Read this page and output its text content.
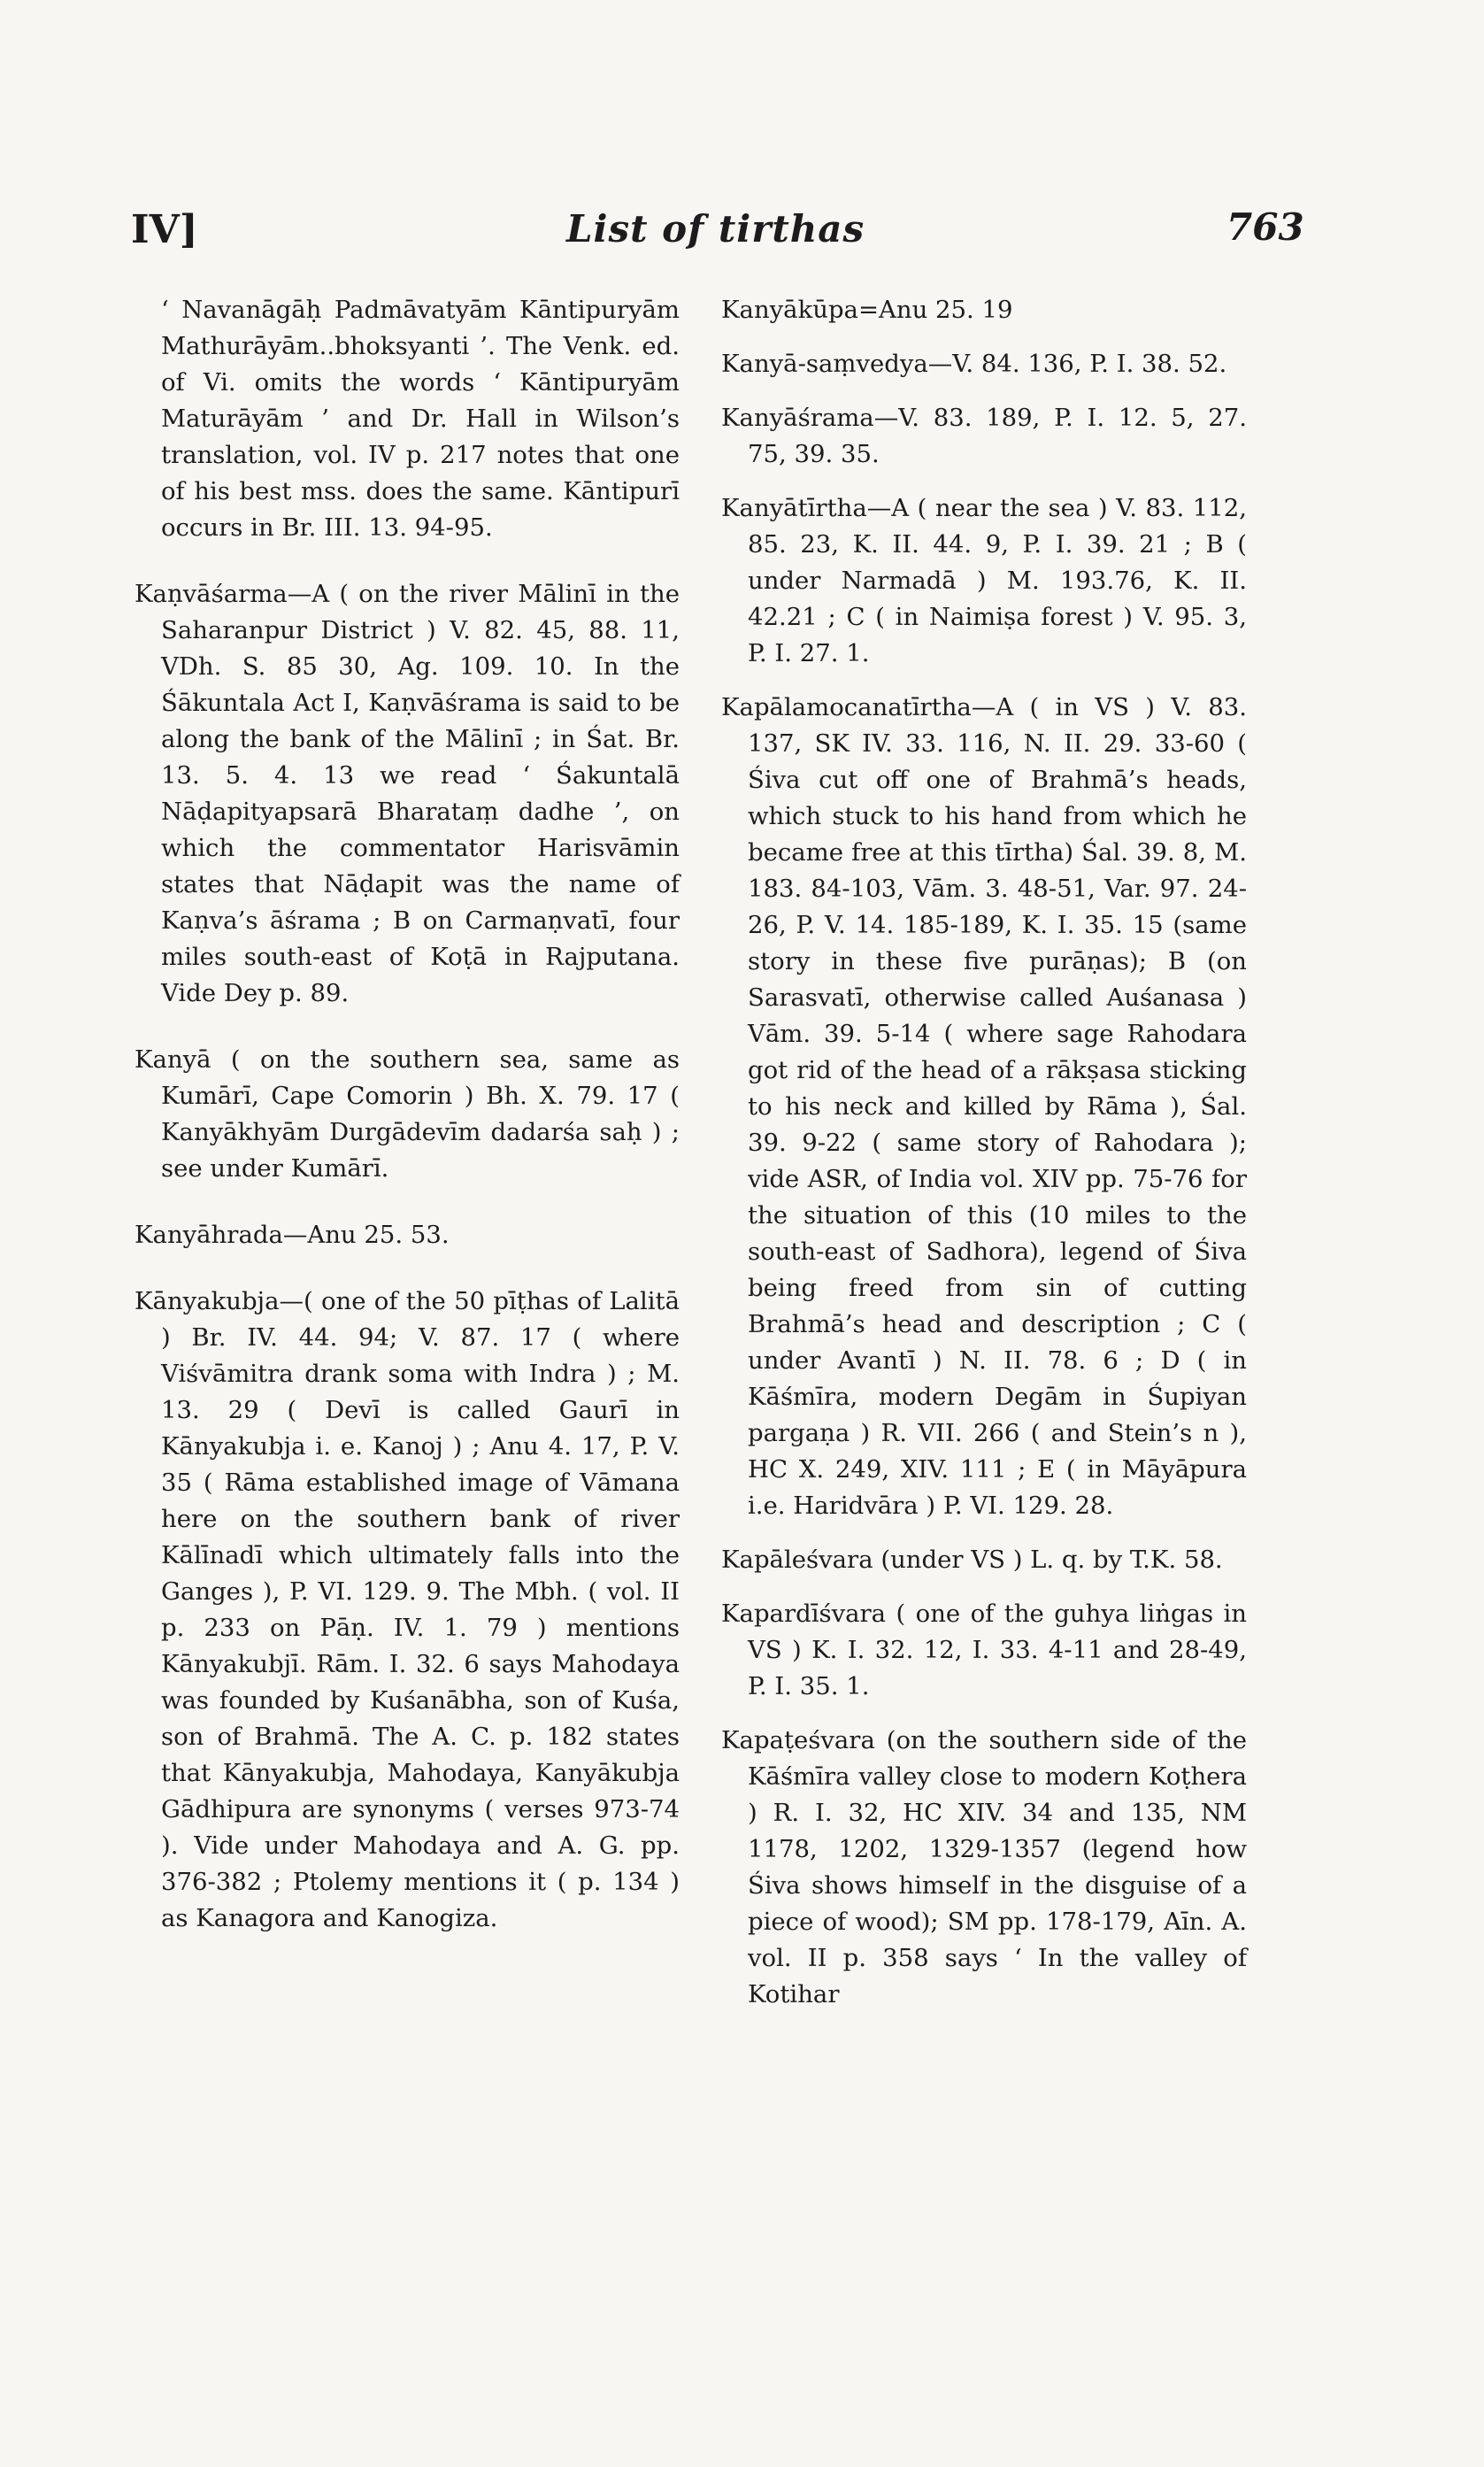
IV]	List of tirthas	763

‘ Navanāgāḥ Padmāvatyām Kāntipuryām Mathurāyām..bhoksyanti ’. The Venk. ed. of Vi. omits the words ‘ Kāntipuryām Maturāyām ’ and Dr. Hall in Wilson’s translation, vol. IV p. 217 notes that one of his best mss. does the same. Kāntipurī occurs in Br. III. 13. 94-95.

Kaṇvāśarma—A ( on the river Mālinī in the Saharanpur District ) V. 82. 45, 88. 11, VDh. S. 85 30, Ag. 109. 10. In the Śākuntala Act I, Kaṇvāśrama is said to be along the bank of the Mālinī ; in Śat. Br. 13. 5. 4. 13 we read ‘ Śakuntalā Nāḍapityapsarā Bharataṃ dadhe ’, on which the commentator Harisvāmin states that Nāḍapit was the name of Kaṇva’s āśrama ; B on Carmaṇvatī, four miles south-east of Koṭā in Rajputana. Vide Dey p. 89.

Kanyā ( on the southern sea, same as Kumārī, Cape Comorin ) Bh. X. 79. 17 ( Kanyākhyām Durgādevīm dadarśa saḥ ) ; see under Kumārī.

Kanyāhrada—Anu 25. 53.

Kānyakubja—( one of the 50 pīṭhas of Lalitā ) Br. IV. 44. 94; V. 87. 17 ( where Viśvāmitra drank soma with Indra ) ; M. 13. 29 ( Devī is called Gaurī in Kānyakubja i. e. Kanoj ) ; Anu 4. 17, P. V. 35 ( Rāma established image of Vāmana here on the southern bank of river Kālīnadī which ultimately falls into the Ganges ), P. VI. 129. 9. The Mbh. ( vol. II p. 233 on Pāṇ. IV. 1. 79 ) mentions Kānyakubjī. Rām. I. 32. 6 says Mahodaya was founded by Kuśanābha, son of Kuśa, son of Brahmā. The A. C. p. 182 states that Kānyakubja, Mahodaya, Kanyākubja Gādhipura are synonyms ( verses 973-74 ). Vide under Mahodaya and A. G. pp. 376-382 ; Ptolemy mentions it ( p. 134 ) as Kanagora and Kanogiza.

Kanyākūpa=Anu 25. 19

Kanyā-saṃvedya—V. 84. 136, P. I. 38. 52.

Kanyāśrama—V. 83. 189, P. I. 12. 5, 27. 75, 39. 35.

Kanyātīrtha—A ( near the sea ) V. 83. 112, 85. 23, K. II. 44. 9, P. I. 39. 21 ; B ( under Narmadā ) M. 193.76, K. II. 42.21 ; C ( in Naimiṣa forest ) V. 95. 3, P. I. 27. 1.

Kapālamocanatīrtha—A ( in VS ) V. 83. 137, SK IV. 33. 116, N. II. 29. 33-60 ( Śiva cut off one of Brahmā’s heads, which stuck to his hand from which he became free at this tīrtha) Śal. 39. 8, M. 183. 84-103, Vām. 3. 48-51, Var. 97. 24-26, P. V. 14. 185-189, K. I. 35. 15 (same story in these five purāṇas); B (on Sarasvatī, otherwise called Auśanasa ) Vām. 39. 5-14 ( where sage Rahodara got rid of the head of a rākṣasa sticking to his neck and killed by Rāma ), Śal. 39. 9-22 ( same story of Rahodara ); vide ASR, of India vol. XIV pp. 75-76 for the situation of this (10 miles to the south-east of Sadhora), legend of Śiva being freed from sin of cutting Brahmā’s head and description ; C ( under Avantī ) N. II. 78. 6 ; D ( in Kāśmīra, modern Degām in Śupiyan pargaṇa ) R. VII. 266 ( and Stein’s n ), HC X. 249, XIV. 111 ; E ( in Māyāpura i.e. Haridvāra ) P. VI. 129. 28.

Kapāleśvara (under VS ) L. q. by T.K. 58.

Kapardīśvara ( one of the guhya liṅgas in VS ) K. I. 32. 12, I. 33. 4-11 and 28-49, P. I. 35. 1.

Kapaṭeśvara (on the southern side of the Kāśmīra valley close to modern Koṭhera ) R. I. 32, HC XIV. 34 and 135, NM 1178, 1202, 1329-1357 (legend how Śiva shows himself in the disguise of a piece of wood); SM pp. 178-179, Aīn. A. vol. II p. 358 says ‘ In the valley of Kotihar
